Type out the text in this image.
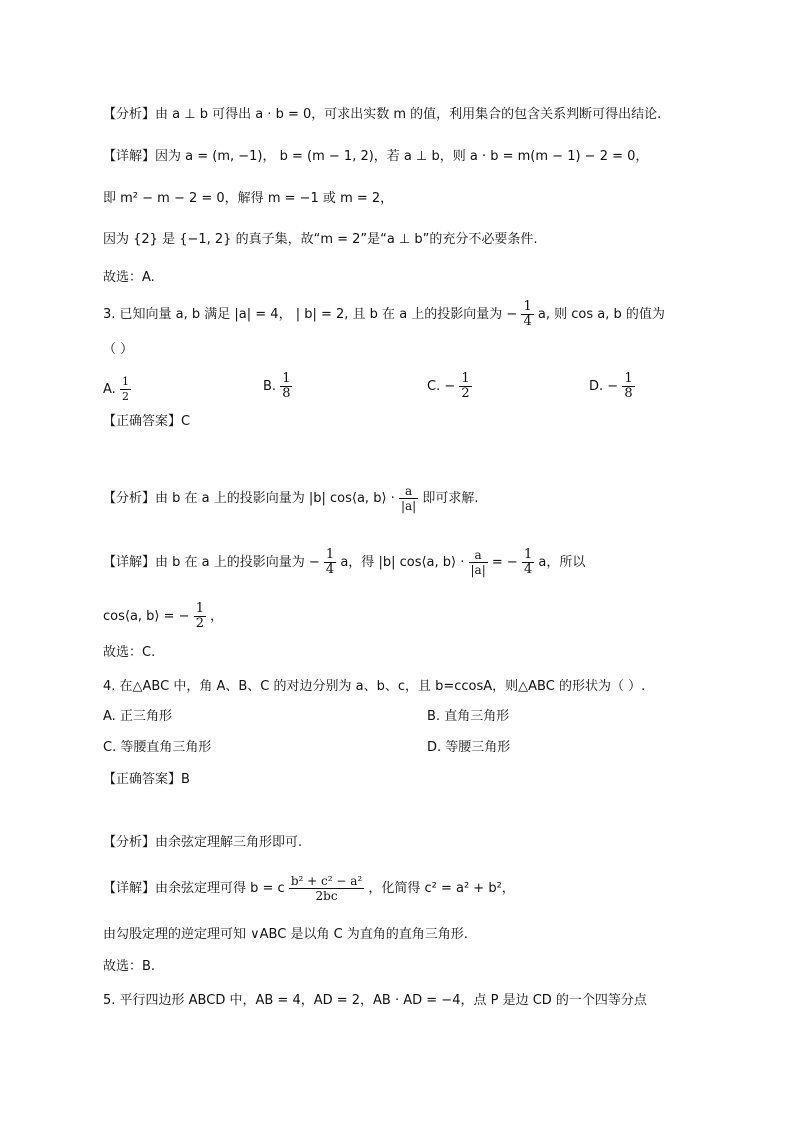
【分析】由 a ⊥ b 可得出 a · b = 0，可求出实数 m 的值，利用集合的包含关系判断可得出结论.
【详解】因为 a = (m, −1)， b = (m − 1, 2)，若 a ⊥ b，则 a · b = m(m − 1) − 2 = 0，
即 m² − m − 2 = 0，解得 m = −1 或 m = 2，
因为 {2} 是 {−1, 2} 的真子集，故“m = 2”是“a ⊥ b”的充分不必要条件.
故选：A.
3. 已知向量 a, b 满足 |a| = 4， | b| = 2, 且 b 在 a 上的投影向量为 − $\frac{1}{4} a$, 则 cos a, b 的值为
（ ）
A. $\frac{1}{2}$	B. $\frac{1}{8}$	C. − $\frac{1}{2}$	D. − $\frac{1}{8}$
【正确答案】C
【分析】由 b 在 a 上的投影向量为 |b| cos⟨a, b⟩ · $\frac{a}{|a|}$ 即可求解.
【详解】由 b 在 a 上的投影向量为 − $\frac{1}{4}$ a，得 |b| cos⟨a, b⟩ · $\frac{a}{|a|}$ = − $\frac{1}{4}$ a，所以
cos⟨a, b⟩ = − $\frac{1}{2}$ ，
故选：C.
4. 在△ABC 中，角 A、B、C 的对边分别为 a、b、c，且 b=ccosA，则△ABC 的形状为（ ）.
A. 正三角形	B. 直角三角形
C. 等腰直角三角形	D. 等腰三角形
【正确答案】B
【分析】由余弦定理解三角形即可.
【详解】由余弦定理可得 b = c $\frac{\text{b² + c² − a²}}{2bc}$ ，化简得 c² = a² + b²，
由勾股定理的逆定理可知 ∨ABC 是以角 C 为直角的直角三角形.
故选：B.
5. 平行四边形 ABCD 中，AB = 4，AD = 2，AB · AD = −4，点 P 是边 CD 的一个四等分点
